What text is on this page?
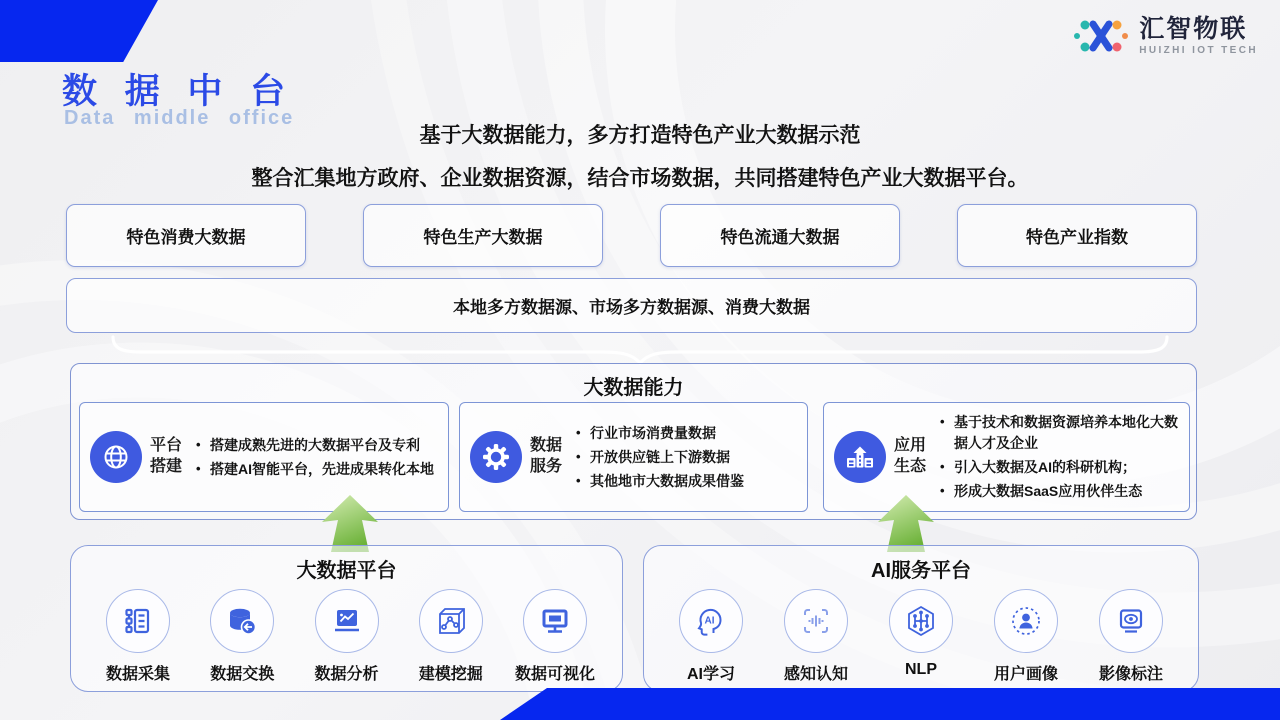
汇智物联
HUIZHI IOT TECH
数 据 中 台
Data middle office
基于大数据能力，多方打造特色产业大数据示范
整合汇集地方政府、企业数据资源，结合市场数据，共同搭建特色产业大数据平台。
特色消费大数据	特色生产大数据	特色流通大数据	特色产业指数
本地多方数据源、市场多方数据源、消费大数据
大数据能力
平台搭建
• 搭建成熟先进的大数据平台及专利
• 搭建AI智能平台，先进成果转化本地
数据服务
• 行业市场消费量数据
• 开放供应链上下游数据
• 其他地市大数据成果借鉴
应用生态
• 基于技术和数据资源培养本地化大数据人才及企业
• 引入大数据及AI的科研机构；
• 形成大数据SaaS应用伙伴生态
大数据平台
数据采集	数据交换	数据分析	建模挖掘 数据可视化
AI服务平台
AI
AI学习	感知认知	NLP	用户画像	影像标注
